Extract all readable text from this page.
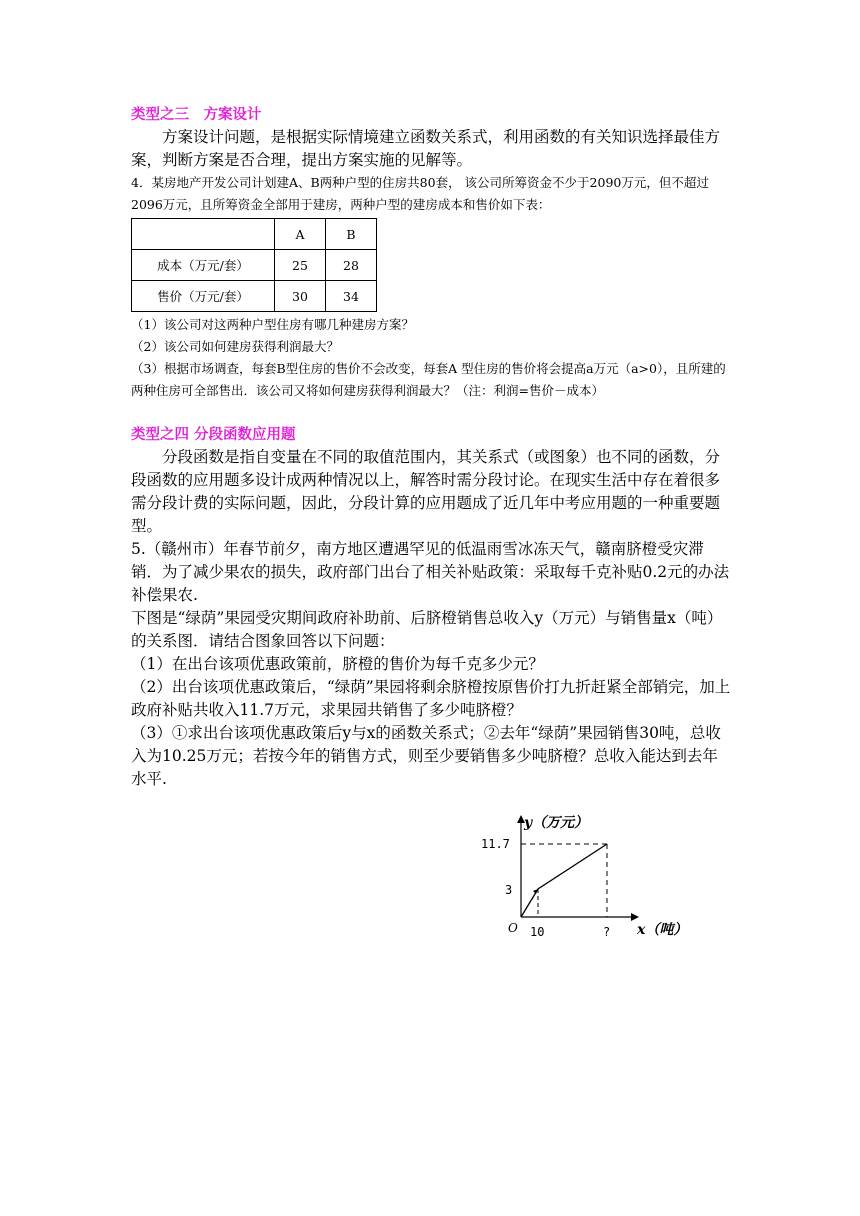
类型之三　方案设计

方案设计问题，是根据实际情境建立函数关系式，利用函数的有关知识选择最佳方案，判断方案是否合理，提出方案实施的见解等。

4．某房地产开发公司计划建A、B两种户型的住房共80套， 该公司所筹资金不少于2090万元，但不超过2096万元，且所筹资金全部用于建房，两种户型的建房成本和售价如下表：

	A	B
成本（万元/套）	25	28
售价（万元/套）	30	34

（1）该公司对这两种户型住房有哪几种建房方案？

（2）该公司如何建房获得利润最大？

（3）根据市场调查，每套B型住房的售价不会改变，每套A 型住房的售价将会提高a万元（a>0），且所建的两种住房可全部售出．该公司又将如何建房获得利润最大？（注：利润=售价－成本）

类型之四 分段函数应用题

分段函数是指自变量在不同的取值范围内，其关系式（或图象）也不同的函数，分段函数的应用题多设计成两种情况以上，解答时需分段讨论。在现实生活中存在着很多需分段计费的实际问题，因此，分段计算的应用题成了近几年中考应用题的一种重要题型。

5.（赣州市）年春节前夕，南方地区遭遇罕见的低温雨雪冰冻天气，赣南脐橙受灾滞销．为了减少果农的损失，政府部门出台了相关补贴政策：采取每千克补贴0.2元的办法补偿果农.

下图是“绿荫”果园受灾期间政府补助前、后脐橙销售总收入y（万元）与销售量x（吨）的关系图．请结合图象回答以下问题：

（1）在出台该项优惠政策前，脐橙的售价为每千克多少元？

（2）出台该项优惠政策后，“绿荫”果园将剩余脐橙按原售价打九折赶紧全部销完，加上政府补贴共收入11.7万元，求果园共销售了多少吨脐橙？

（3）①求出台该项优惠政策后y与x的函数关系式；②去年“绿荫”果园销售30吨，总收入为10.25万元；若按今年的销售方式，则至少要销售多少吨脐橙？总收入能达到去年水平.

y（万元）
11.7
3
O 10	? x（吨）
